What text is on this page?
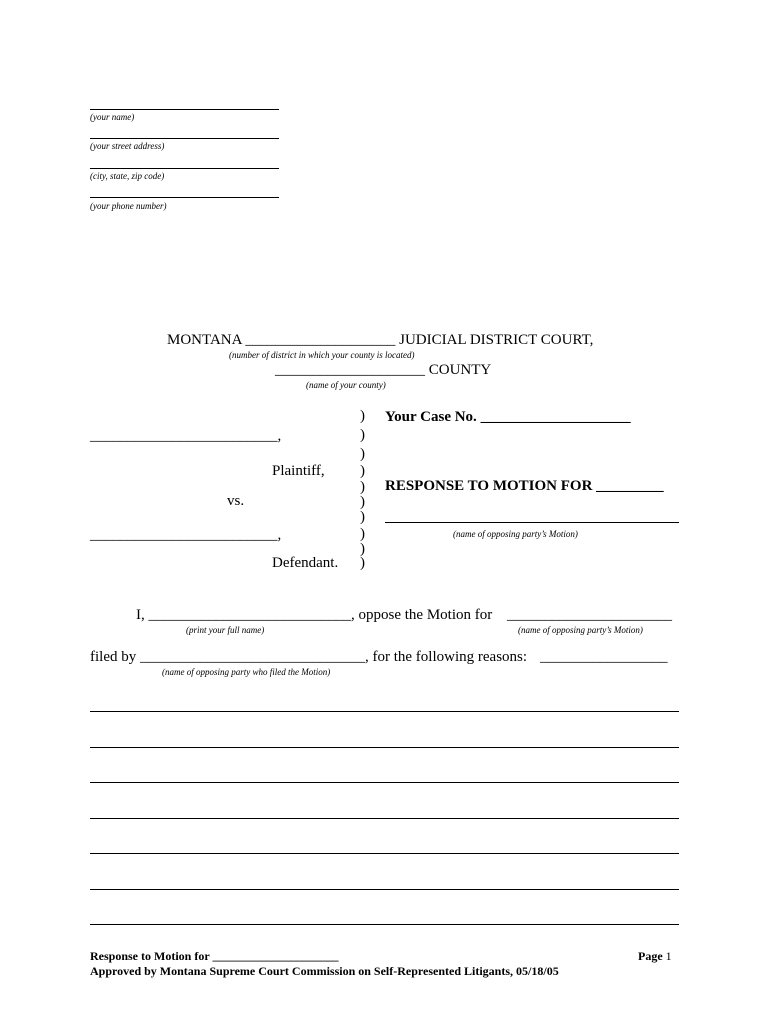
(your name)
(your street address)
(city, state, zip code)
(your phone number)
MONTANA ____________________ JUDICIAL DISTRICT COURT,
(number of district in which your county is located)
____________________ COUNTY
(name of your county)
)
)
)
)
)
)
)
)
)
)
_________________________,
Plaintiff,
vs.
_________________________,
Defendant.
Your Case No. ____________________
RESPONSE TO MOTION FOR _________
(name of opposing party’s Motion)
I, ___________________________, oppose the Motion for ______________________
(print your full name)	(name of opposing party’s Motion)
filed by ______________________________, for the following reasons: _________________
(name of opposing party who filed the Motion)
Response to Motion for _____________________	Page 1
Approved by Montana Supreme Court Commission on Self-Represented Litigants, 05/18/05
